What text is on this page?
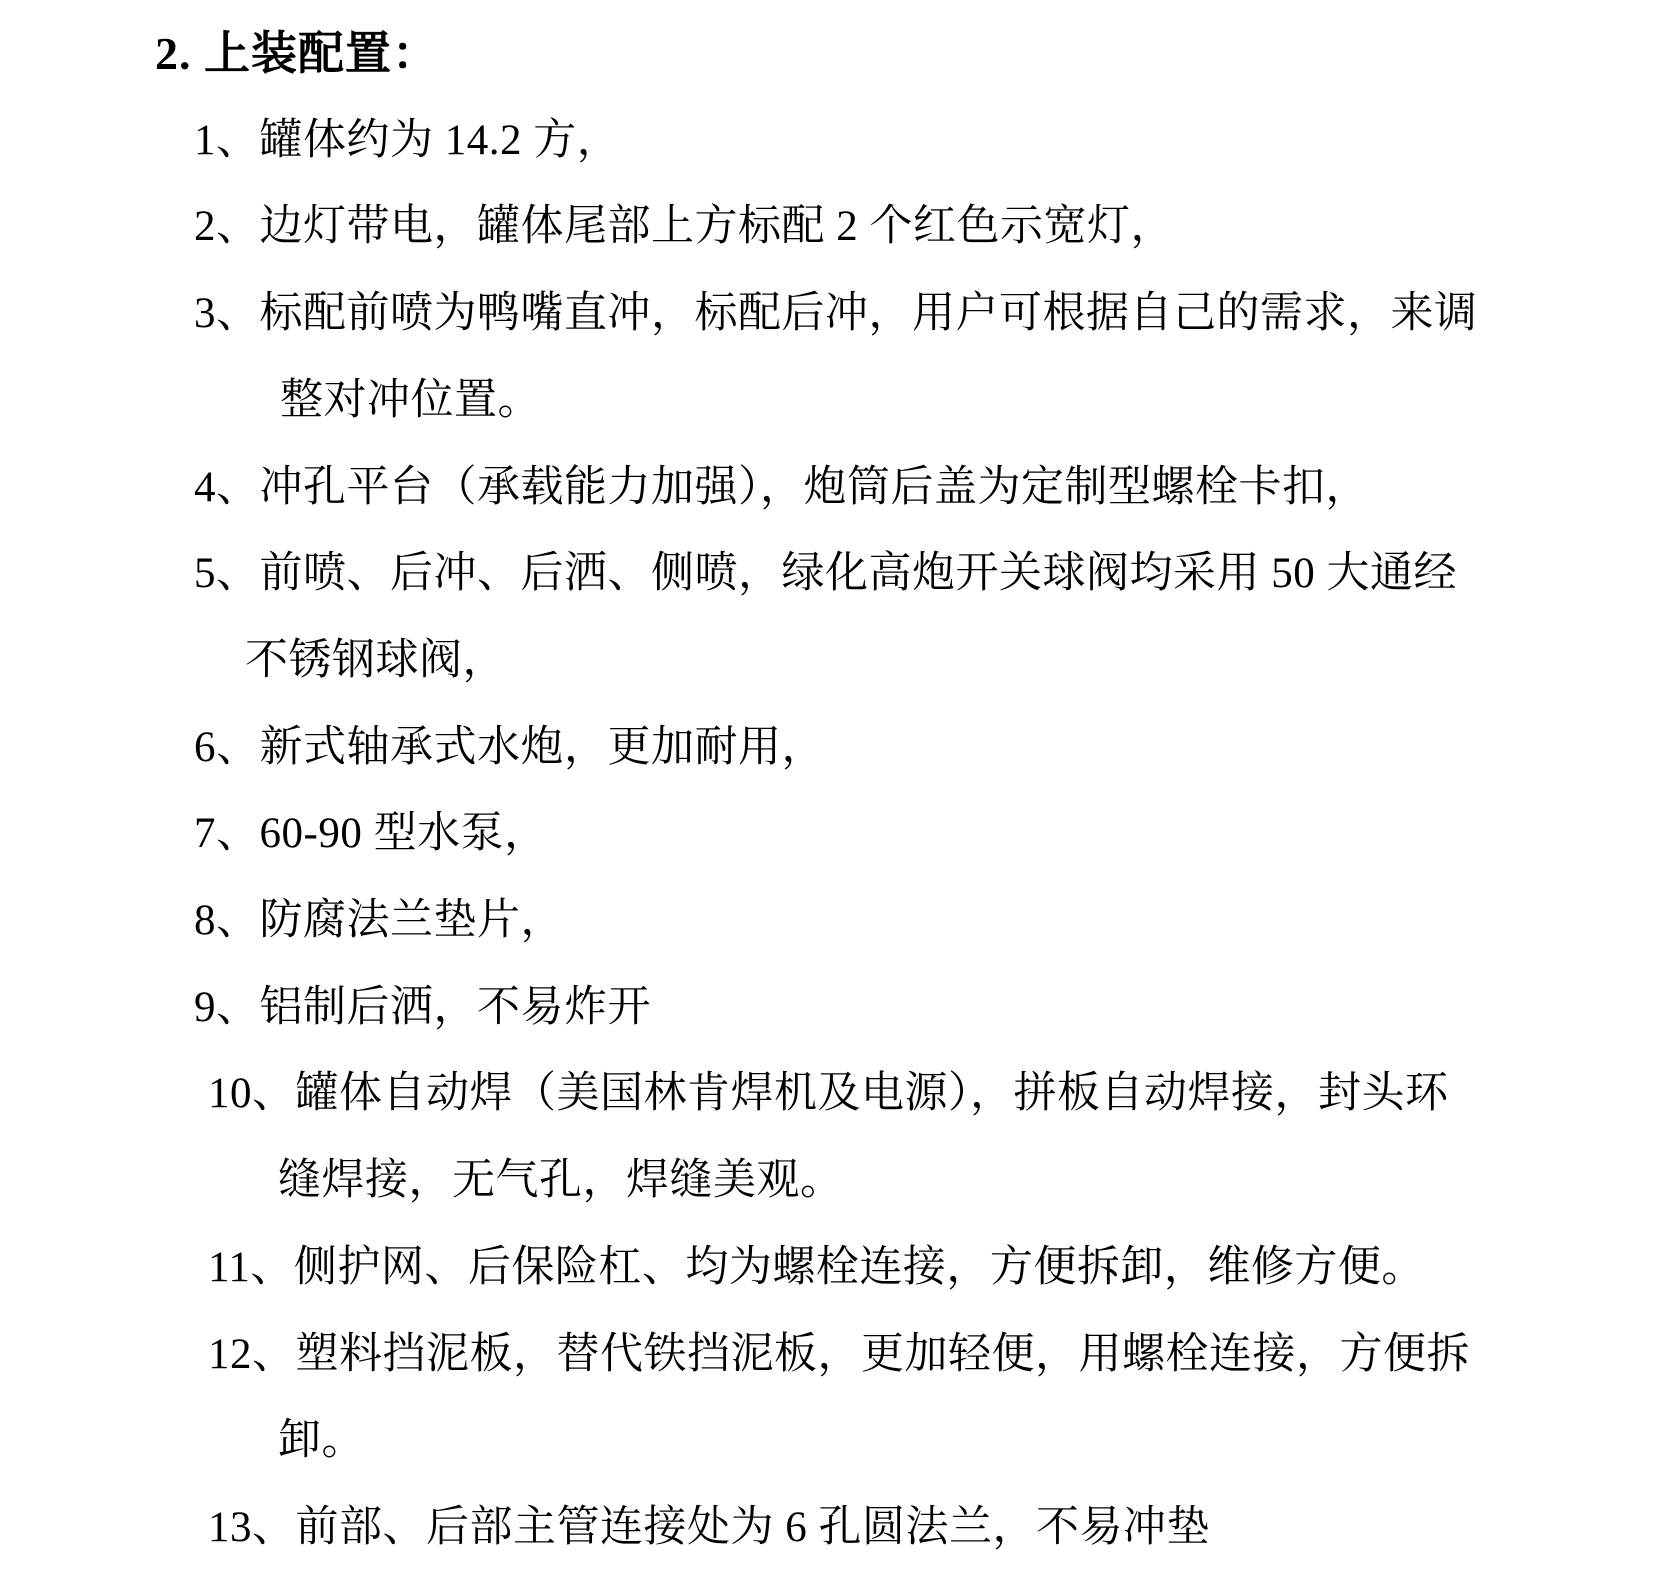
2. 上装配置：
1、罐体约为 14.2 方，
2、边灯带电，罐体尾部上方标配 2 个红色示宽灯，
3、标配前喷为鸭嘴直冲，标配后冲，用户可根据自己的需求，来调
整对冲位置。
4、冲孔平台（承载能力加强），炮筒后盖为定制型螺栓卡扣，
5、前喷、后冲、后洒、侧喷，绿化高炮开关球阀均采用 50 大通经
不锈钢球阀，
6、新式轴承式水炮，更加耐用，
7、60-90 型水泵，
8、防腐法兰垫片，
9、铝制后洒，不易炸开
10、罐体自动焊（美国林肯焊机及电源），拼板自动焊接，封头环
缝焊接，无气孔，焊缝美观。
11、侧护网、后保险杠、均为螺栓连接，方便拆卸，维修方便。
12、塑料挡泥板，替代铁挡泥板，更加轻便，用螺栓连接，方便拆
卸。
13、前部、后部主管连接处为 6 孔圆法兰，不易冲垫
